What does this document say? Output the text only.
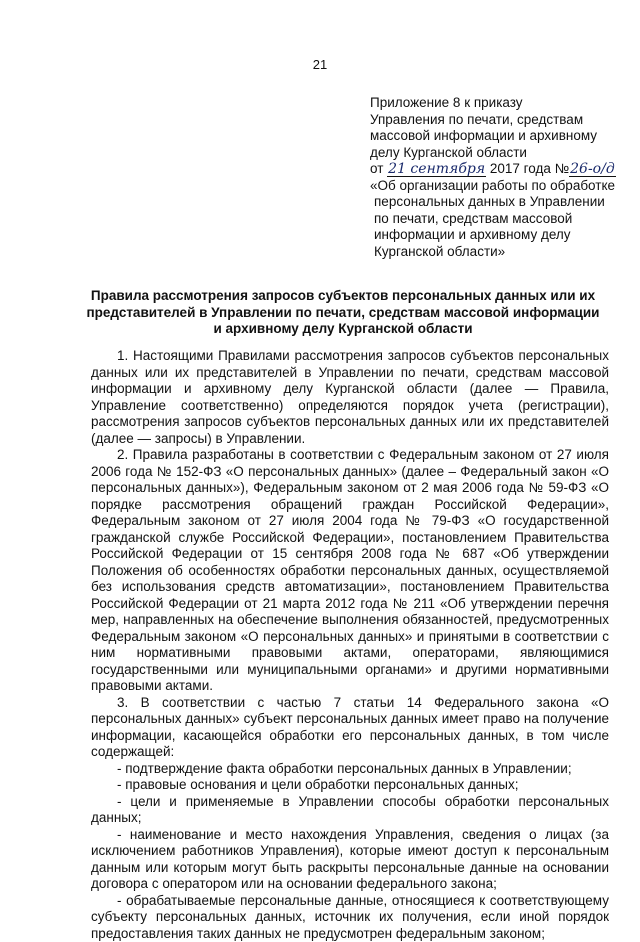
21
Приложение 8 к приказу
Управления по печати, средствам
массовой информации и архивному
делу Курганской области
от 21 сентября 2017 года №26-о/д
«Об организации работы по обработке
персональных данных в Управлении
по печати, средствам массовой
информации и архивному делу
Курганской области»
Правила рассмотрения запросов субъектов персональных данных или их
представителей в Управлении по печати, средствам массовой информации
и архивному делу Курганской области

1. Настоящими Правилами рассмотрения запросов субъектов персональных данных или их представителей в Управлении по печати, средствам массовой информации и архивному делу Курганской области (далее — Правила, Управление соответственно) определяются порядок учета (регистрации), рассмотрения запросов субъектов персональных данных или их представителей (далее — запросы) в Управлении.

2. Правила разработаны в соответствии с Федеральным законом от 27 июля 2006 года № 152-ФЗ «О персональных данных» (далее – Федеральный закон «О персональных данных»), Федеральным законом от 2 мая 2006 года № 59-ФЗ «О порядке рассмотрения обращений граждан Российской Федерации», Федеральным законом от 27 июля 2004 года № 79-ФЗ «О государственной гражданской службе Российской Федерации», постановлением Правительства Российской Федерации от 15 сентября 2008 года № 687 «Об утверждении Положения об особенностях обработки персональных данных, осуществляемой без использования средств автоматизации», постановлением Правительства Российской Федерации от 21 марта 2012 года № 211 «Об утверждении перечня мер, направленных на обеспечение выполнения обязанностей, предусмотренных Федеральным законом «О персональных данных» и принятыми в соответствии с ним нормативными правовыми актами, операторами, являющимися государственными или муниципальными органами» и другими нормативными правовыми актами.

3. В соответствии с частью 7 статьи 14 Федерального закона «О персональных данных» субъект персональных данных имеет право на получение информации, касающейся обработки его персональных данных, в том числе содержащей:

- подтверждение факта обработки персональных данных в Управлении;

- правовые основания и цели обработки персональных данных;

- цели и применяемые в Управлении способы обработки персональных данных;

- наименование и место нахождения Управления, сведения о лицах (за исключением работников Управления), которые имеют доступ к персональным данным или которым могут быть раскрыты персональные данные на основании договора с оператором или на основании федерального закона;

- обрабатываемые персональные данные, относящиеся к соответствующему субъекту персональных данных, источник их получения, если иной порядок предоставления таких данных не предусмотрен федеральным законом;
